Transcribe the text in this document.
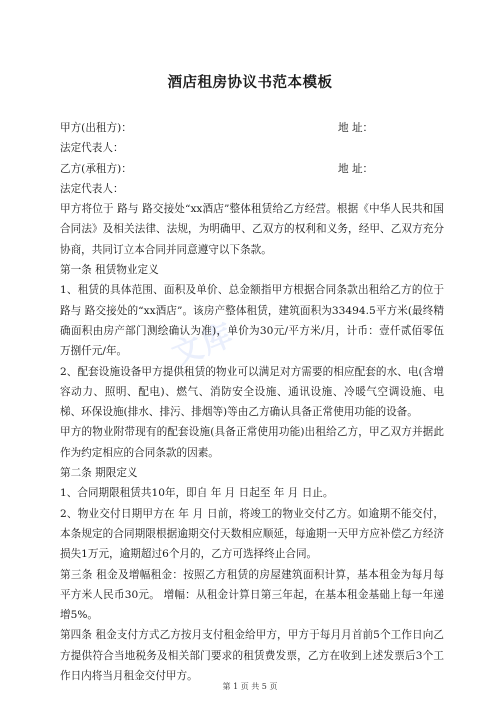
文库
酒店租房协议书范本模板
甲方(出租方)：	地 址：

法定代表人：

乙方(承租方)：	地 址：

法定代表人：

甲方将位于 路与 路交接处“xx酒店”整体租赁给乙方经营。根据《中华人民共和国合同法》及相关法律、法规，为明确甲、乙双方的权利和义务，经甲、乙双方充分协商，共同订立本合同并同意遵守以下条款。

第一条 租赁物业定义

1、租赁的具体范围、面积及单价、总金额指甲方根据合同条款出租给乙方的位于 路与 路交接处的“xx酒店”。该房产整体租赁，建筑面积为33494.5平方米(最终精确面积由房产部门测绘确认为准)，单价为30元/平方米/月，计币：壹仟贰佰零伍万捌仟元/年。

2、配套设施设备甲方提供租赁的物业可以满足对方需要的相应配套的水、电(含增容动力、照明、配电)、燃气、消防安全设施、通讯设施、冷暖气空调设施、电梯、环保设施(排水、排污、排烟等)等由乙方确认具备正常使用功能的设备。

甲方的物业附带现有的配套设施(具备正常使用功能)出租给乙方，甲乙双方并据此作为约定相应的合同条款的因素。

第二条 期限定义

1、合同期限租赁共10年，即自 年 月 日起至 年 月 日止。

2、物业交付日期甲方在 年 月 日前，将竣工的物业交付乙方。如逾期不能交付，本条规定的合同期限根据逾期交付天数相应顺延，每逾期一天甲方应补偿乙方经济损失1万元，逾期超过6个月的，乙方可选择终止合同。

第三条 租金及增幅租金：按照乙方租赁的房屋建筑面积计算，基本租金为每月每平方米人民币30元。 增幅：从租金计算日第三年起，在基本租金基础上每一年递增5%。

第四条 租金支付方式乙方按月支付租金给甲方，甲方于每月月首前5个工作日向乙方提供符合当地税务及相关部门要求的租赁费发票，乙方在收到上述发票后3个工作日内将当月租金交付甲方。

第 1 页 共 5 页
